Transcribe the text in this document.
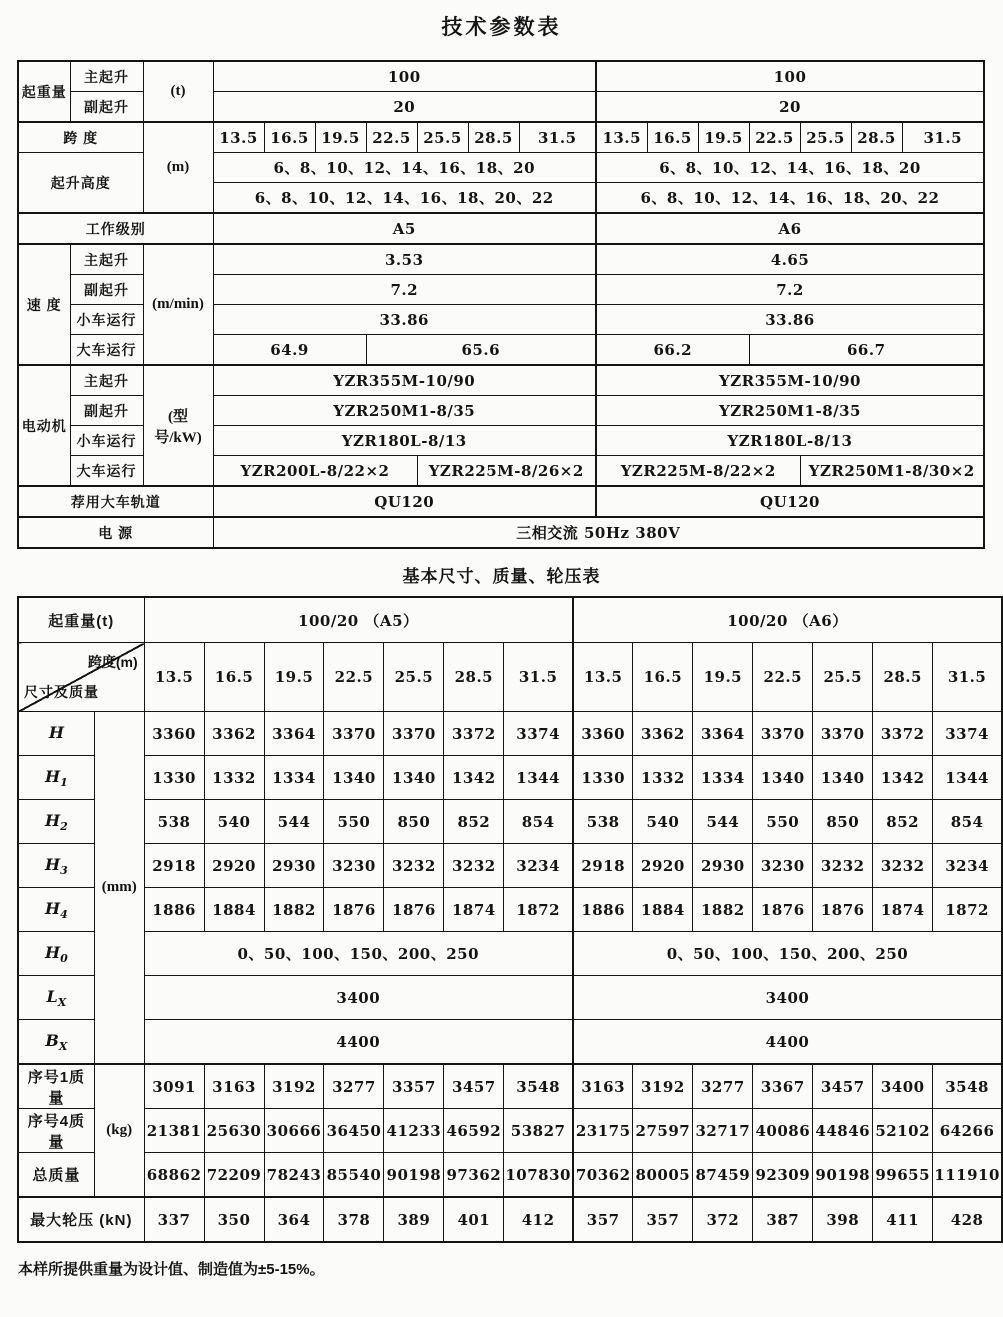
技术参数表
起重量	主起升	(t)	100							100						
	副起升		20							20						
跨 度		(m)	13.5	16.5	19.5	22.5	25.5	28.5	31.5	13.5	16.5	19.5	22.5	25.5	28.5	31.5
起升高度			6、8、10、12、14、16、18、20							6、8、10、12、14、16、18、20						
			6、8、10、12、14、16、18、20、22							6、8、10、12、14、16、18、20、22						
工作级别			A5							A6						
速 度	主起升	(m/min)	3.53							4.65						
	副起升		7.2							7.2						
	小车运行		33.86							33.86						
	大车运行		64.9			65.6				66.2			66.7			
电动机	主起升	(型号/kW)	YZR355M-10/90							YZR355M-10/90						
	副起升		YZR250M1-8/35							YZR250M1-8/35						
	小车运行		YZR180L-8/13							YZR180L-8/13						
	大车运行		YZR200L-8/22×2				YZR225M-8/26×2			YZR225M-8/22×2				YZR250M1-8/30×2		
荐用大车轨道			QU120							QU120						
电 源			三相交流 50Hz 380V													
基本尺寸、质量、轮压表
起重量(t)		100/20 （A5）							100/20 （A6）						

跨度(m)
尺寸及质量		13.5	16.5	19.5	22.5	25.5	28.5	31.5	13.5	16.5	19.5	22.5	25.5	28.5	31.5
H	(mm)	3360	3362	3364	3370	3370	3372	3374	3360	3362	3364	3370	3370	3372	3374
$H_1$		1330	1332	1334	1340	1340	1342	1344	1330	1332	1334	1340	1340	1342	1344
$H_2$		538	540	544	550	850	852	854	538	540	544	550	850	852	854
$H_3$		2918	2920	2930	3230	3232	3232	3234	2918	2920	2930	3230	3232	3232	3234
$H_4$		1886	1884	1882	1876	1876	1874	1872	1886	1884	1882	1876	1876	1874	1872
$H_0$		0、50、100、150、200、250							0、50、100、150、200、250						
$L_X$		3400							3400						
$B_X$		4400							4400						
序号1质量	(kg)	3091	3163	3192	3277	3357	3457	3548	3163	3192	3277	3367	3457	3400	3548
序号4质量		21381	25630	30666	36450	41233	46592	53827	23175	27597	32717	40086	44846	52102	64266
总质量		68862	72209	78243	85540	90198	97362	107830	70362	80005	87459	92309	90198	99655	111910
最大轮压 (kN)		337	350	364	378	389	401	412	357	357	372	387	398	411	428

本样所提供重量为设计值、制造值为±5-15%。
